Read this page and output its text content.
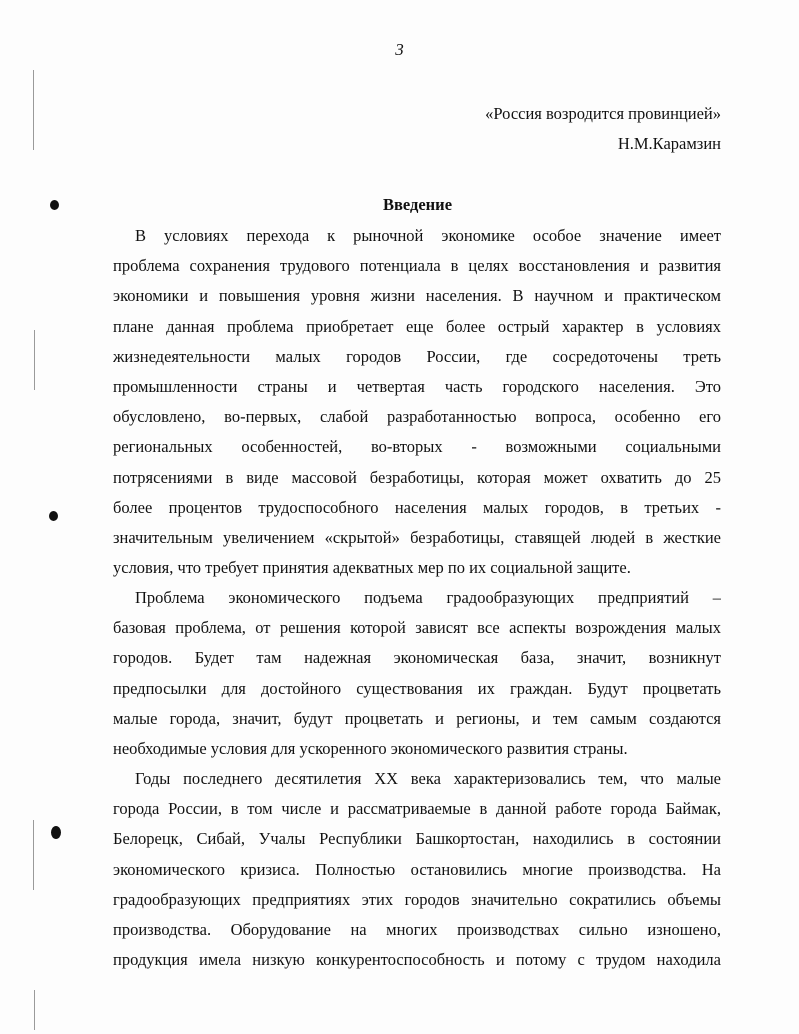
3
«Россия возродится провинцией»
Н.М.Карамзин
Введение
В условиях перехода к рыночной экономике особое значение имеет
проблема сохранения трудового потенциала в целях восстановления и развития
экономики и повышения уровня жизни населения. В научном и практическом
плане данная проблема приобретает еще более острый характер в условиях
жизнедеятельности малых городов России, где сосредоточены треть
промышленности страны и четвертая часть городского населения. Это
обусловлено, во-первых, слабой разработанностью вопроса, особенно его
региональных особенностей, во-вторых - возможными социальными
потрясениями в виде массовой безработицы, которая может охватить до 25
более процентов трудоспособного населения малых городов, в третьих -
значительным увеличением «скрытой» безработицы, ставящей людей в жесткие
условия, что требует принятия адекватных мер по их социальной защите.
Проблема экономического подъема градообразующих предприятий –
базовая проблема, от решения которой зависят все аспекты возрождения малых
городов. Будет там надежная экономическая база, значит, возникнут
предпосылки для достойного существования их граждан. Будут процветать
малые города, значит, будут процветать и регионы, и тем самым создаются
необходимые условия для ускоренного экономического развития страны.
Годы последнего десятилетия XX века характеризовались тем, что малые
города России, в том числе и рассматриваемые в данной работе города Баймак,
Белорецк, Сибай, Учалы Республики Башкортостан, находились в состоянии
экономического кризиса. Полностью остановились многие производства. На
градообразующих предприятиях этих городов значительно сократились объемы
производства. Оборудование на многих производствах сильно изношено,
продукция имела низкую конкурентоспособность и потому с трудом находила
